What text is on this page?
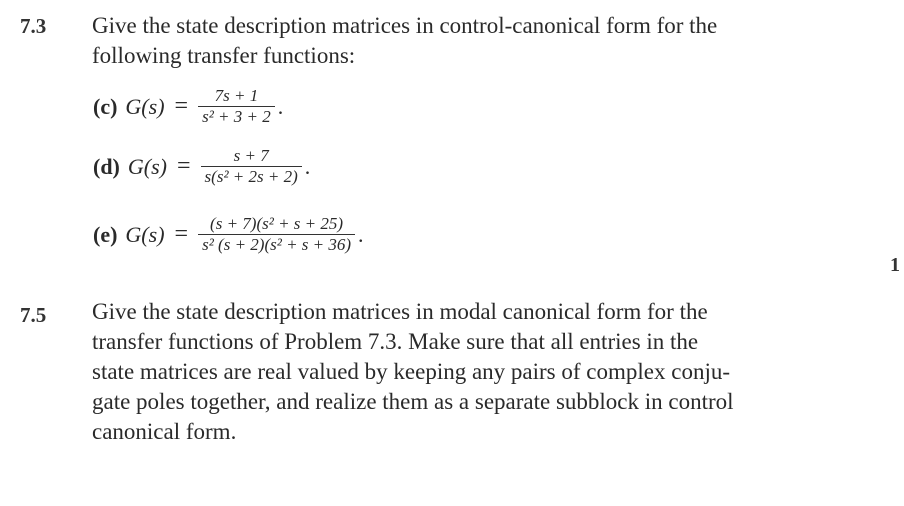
7.3 Give the state description matrices in control-canonical form for the
following transfer functions:
(c) $G(s) = \frac{7s + 1}{\text{s² + 3 + 2}}$ .
(d) $G(s) = \frac{s + 7}{\text{s(s² + 2s + 2)}}$ .
(e) $G(s) = \frac{\text{(s + 7)(s² + s + 25)}}{\text{s² (s + 2)(s² + s + 36)}}$ .
1
7.5 Give the state description matrices in modal canonical form for the
transfer functions of Problem 7.3. Make sure that all entries in the
state matrices are real valued by keeping any pairs of complex conju-
gate poles together, and realize them as a separate subblock in control
canonical form.
